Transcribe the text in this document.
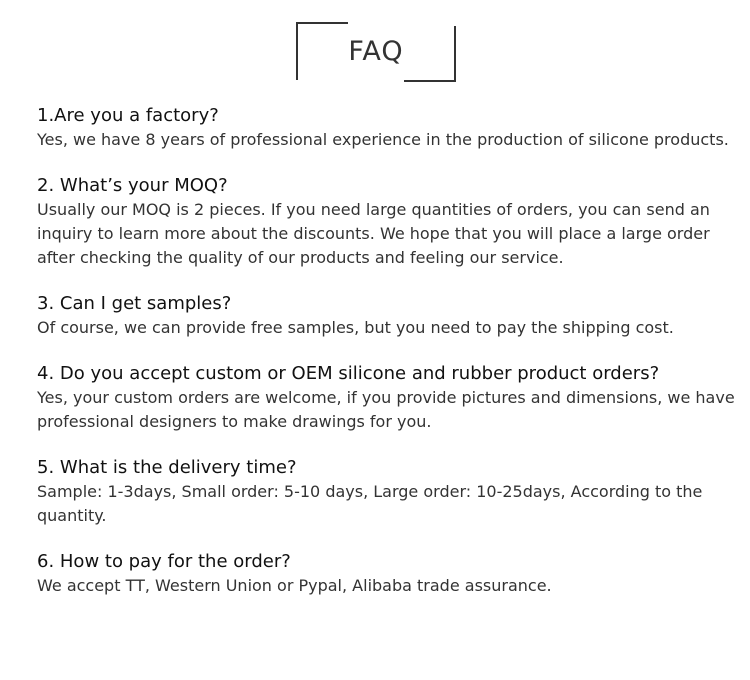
FAQ
1.Are you a factory?
Yes, we have 8 years of professional experience in the production of silicone products.
2. What’s your MOQ?
Usually our MOQ is 2 pieces. If you need large quantities of orders, you can send an inquiry to learn more about the discounts. We hope that you will place a large order after checking the quality of our products and feeling our service.
3. Can I get samples?
Of course, we can provide free samples, but you need to pay the shipping cost.
4. Do you accept custom or OEM silicone and rubber product orders?
Yes, your custom orders are welcome, if you provide pictures and dimensions, we have professional designers to make drawings for you.
5. What is the delivery time?
Sample: 1-3days, Small order: 5-10 days, Large order: 10-25days, According to the quantity.
6. How to pay for the order?
We accept TT, Western Union or Pypal, Alibaba trade assurance.
